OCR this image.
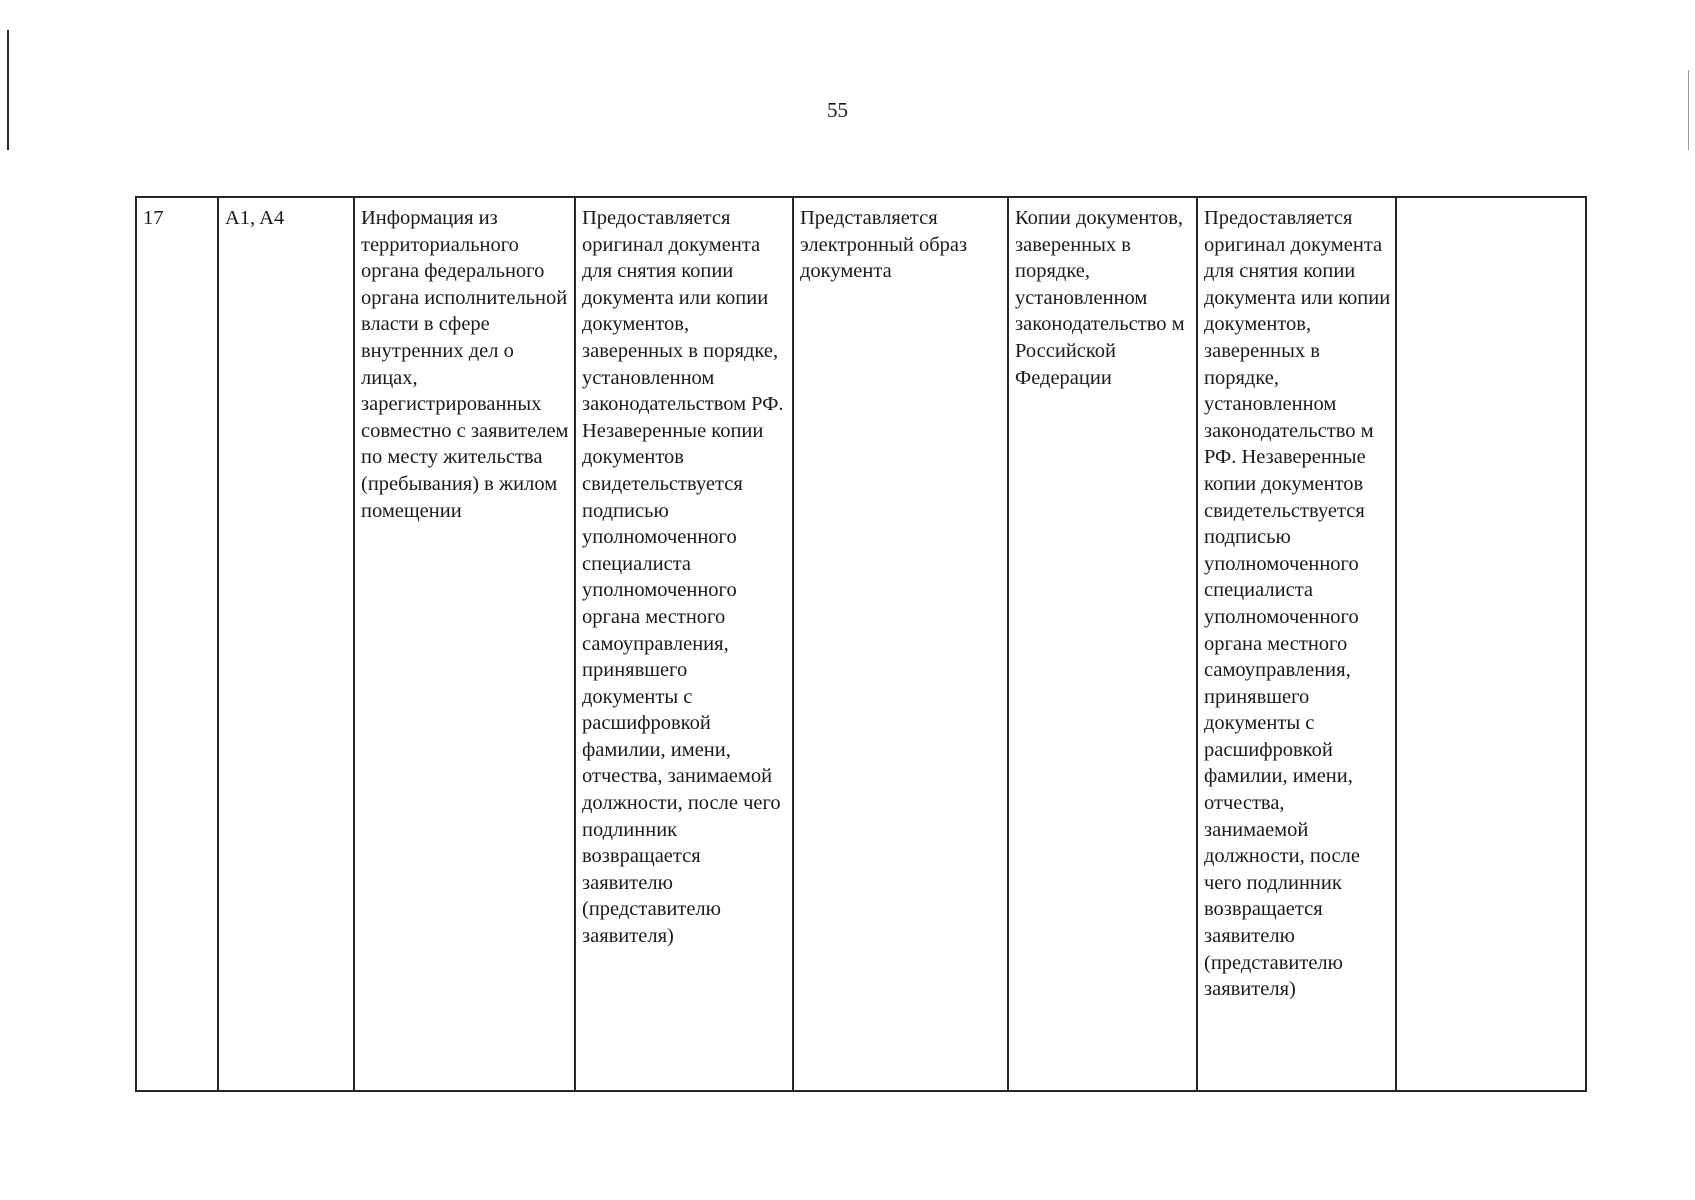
55
17	A1, A4	Информация из территориального органа федерального органа исполнительной власти в сфере внутренних дел о лицах, зарегистрированных совместно с заявителем по месту жительства (пребывания) в жилом помещении	Предоставляется оригинал документа для снятия копии документа или копии документов, заверенных в порядке, установленном законодательством РФ. Незаверенные копии документов свидетельствуется подписью уполномоченного специалиста уполномоченного органа местного самоуправления, принявшего документы с расшифровкой фамилии, имени, отчества, занимаемой должности, после чего подлинник возвращается заявителю (представителю заявителя)	Представляется электронный образ документа	Копии документов, заверенных в порядке, установленном законодательство м Российской Федерации	Предоставляется оригинал документа для снятия копии документа или копии документов, заверенных в порядке, установленном законодательство м РФ. Незаверенные копии документов свидетельствуется подписью уполномоченного специалиста уполномоченного органа местного самоуправления, принявшего документы с расшифровкой фамилии, имени, отчества, занимаемой должности, после чего подлинник возвращается заявителю (представителю заявителя)	
